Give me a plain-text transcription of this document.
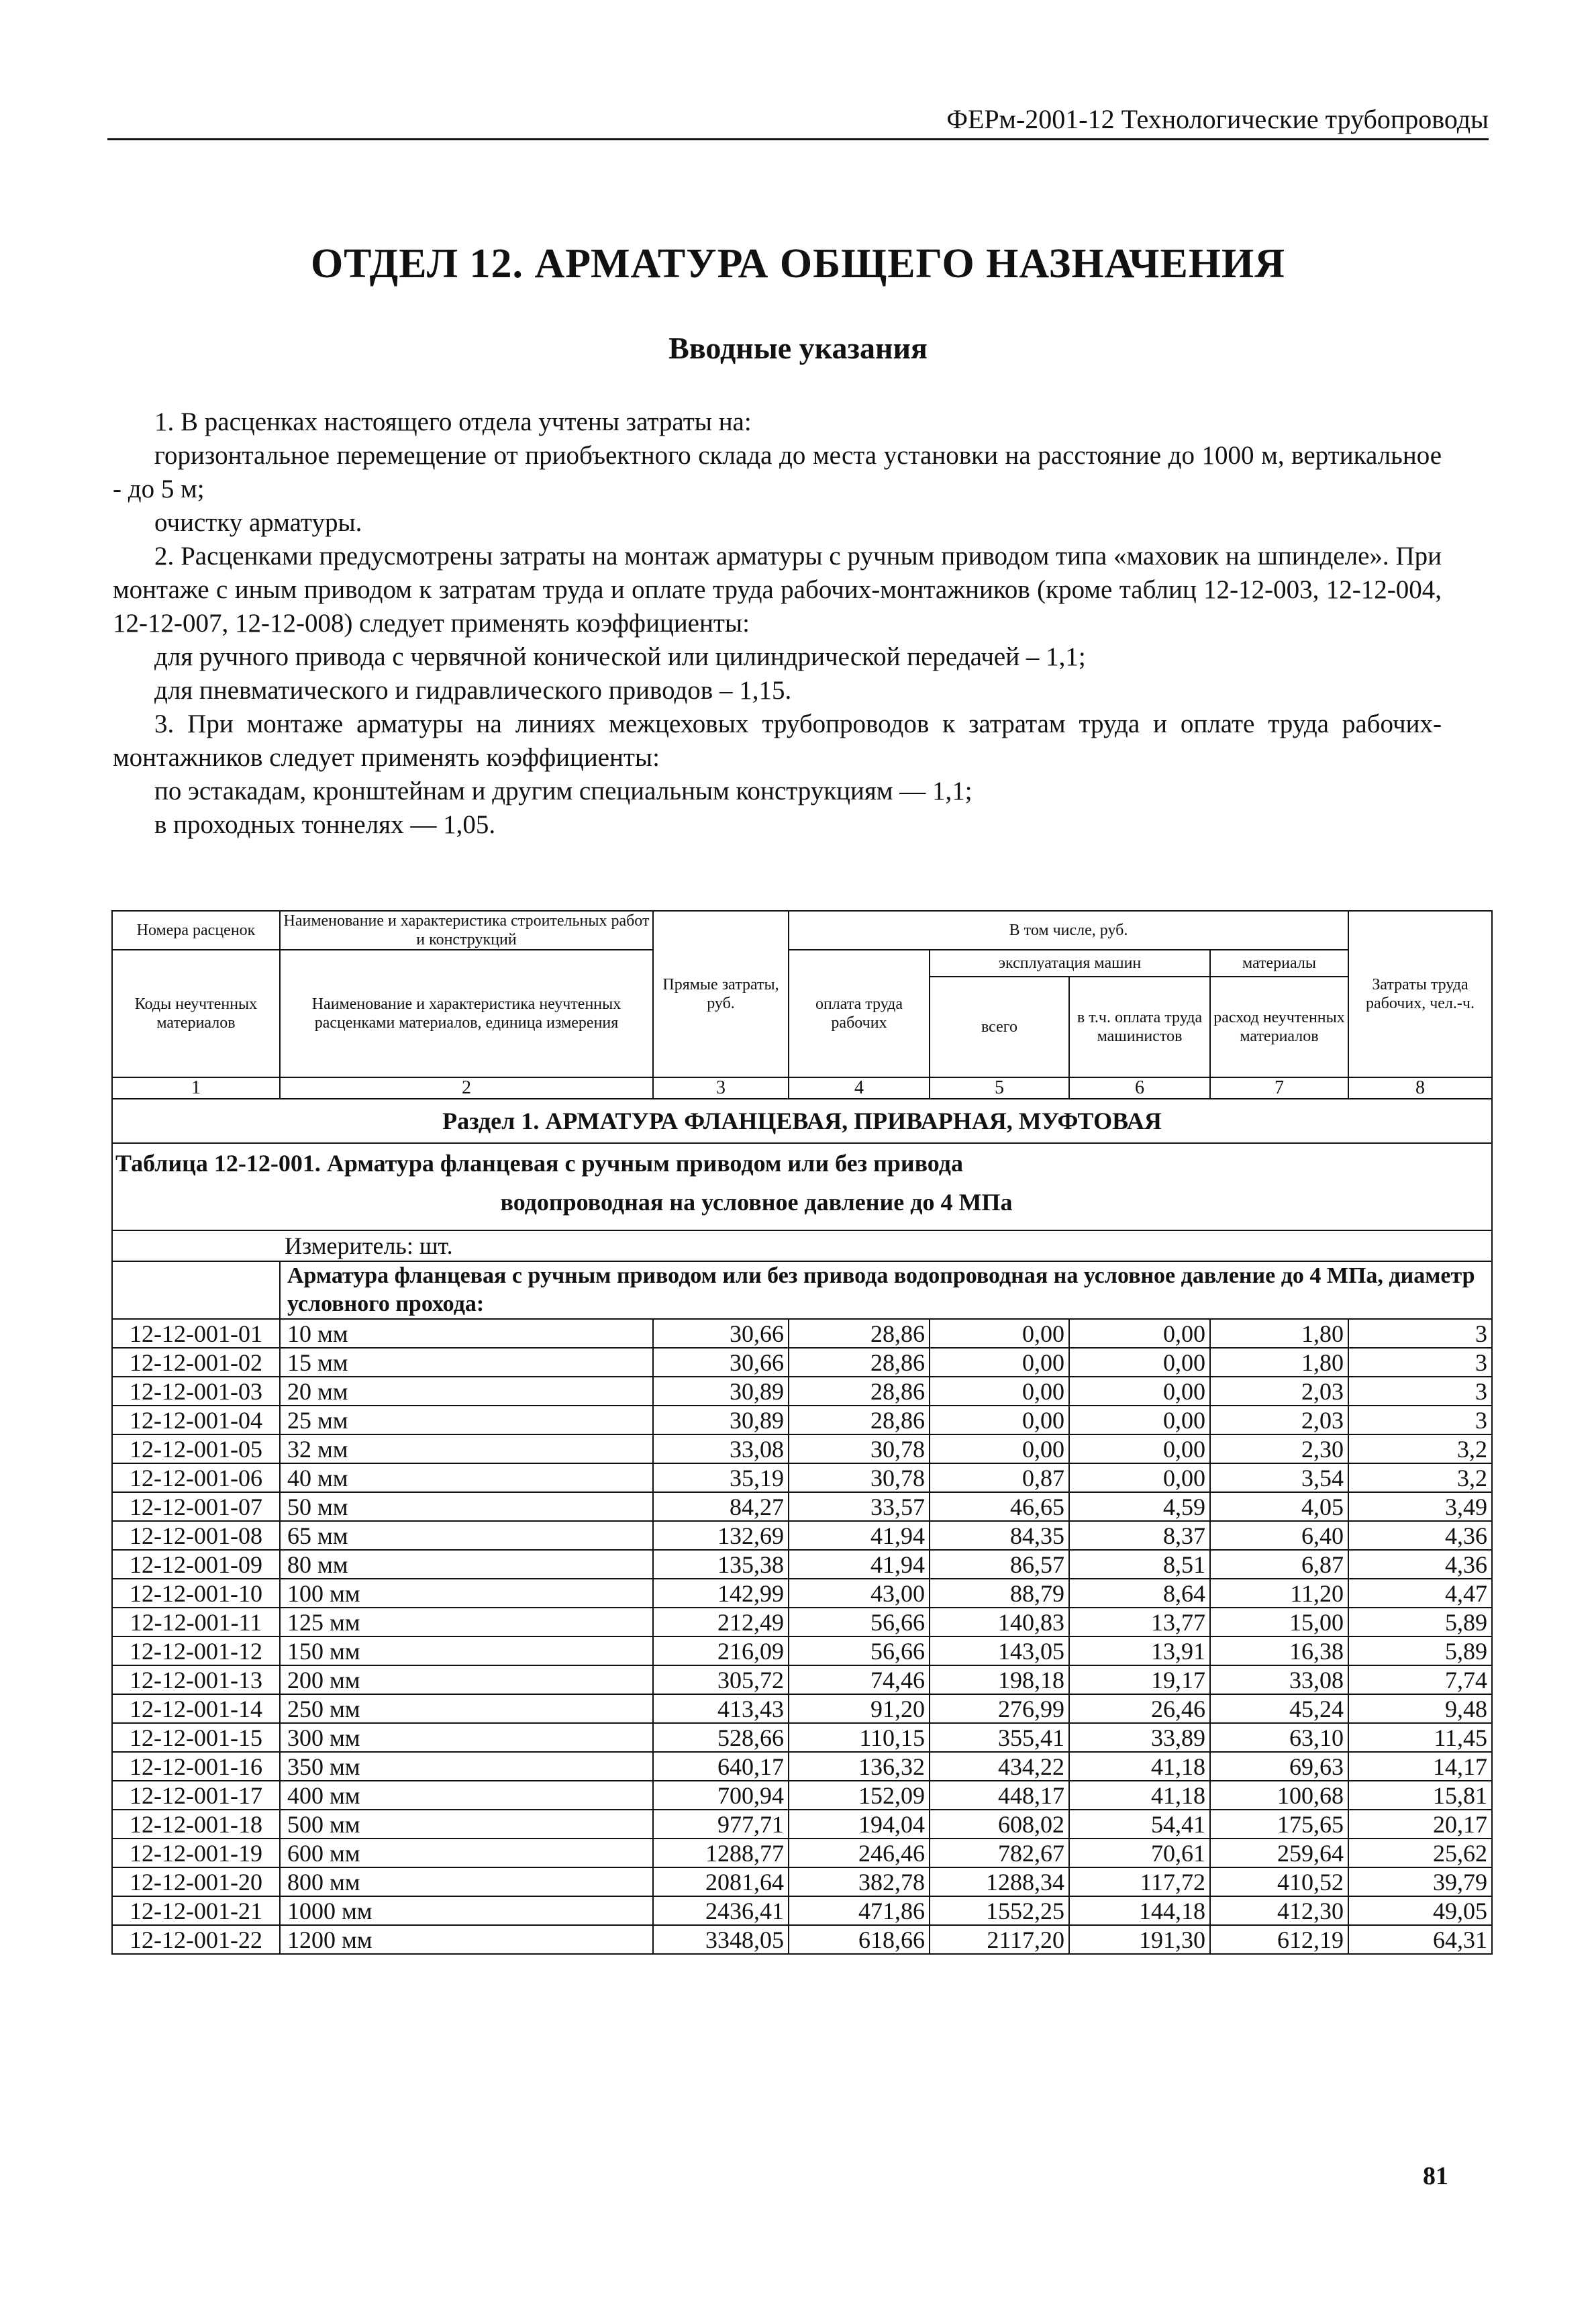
ФЕРм-2001-12 Технологические трубопроводы
ОТДЕЛ 12. АРМАТУРА ОБЩЕГО НАЗНАЧЕНИЯ
Вводные указания

1. В расценках настоящего отдела учтены затраты на:

горизонтальное перемещение от приобъектного склада до места установки на расстояние до 1000 м, вертикальное - до 5 м;

очистку арматуры.

2. Расценками предусмотрены затраты на монтаж арматуры с ручным приводом типа «маховик на шпинделе». При монтаже с иным приводом к затратам труда и оплате труда рабочих-монтажников (кроме таблиц 12-12-003, 12-12-004, 12-12-007, 12-12-008) следует применять коэффициенты:

для ручного привода с червячной конической или цилиндрической передачей – 1,1;

для пневматического и гидравлического приводов – 1,15.

3. При монтаже арматуры на линиях межцеховых трубопроводов к затратам труда и оплате труда рабочих-монтажников следует применять коэффициенты:

по эстакадам, кронштейнам и другим специальным конструкциям — 1,1;

в проходных тоннелях — 1,05.

Номера расценок	Наименование и характеристика строительных работ и конструкций	Прямые затраты, руб.	В том числе, руб.				Затраты труда рабочих, чел.-ч.
Коды неучтенных материалов	Наименование и характеристика неучтенных расценками материалов, единица измерения		оплата труда рабочих	эксплуатация машин		материалы	
				всего	в т.ч. оплата труда машинистов	расход неучтенных материалов	
1	2	3	4	5	6	7	8
Раздел 1. АРМАТУРА ФЛАНЦЕВАЯ, ПРИВАРНАЯ, МУФТОВАЯ							
Таблица 12-12-001. Арматура фланцевая с ручным приводом или без привода
водопроводная на условное давление до 4 МПа							

Измеритель: шт.							
	Арматура фланцевая с ручным приводом или без привода водопроводная на условное давление до 4 МПа, диаметр условного прохода:						
12-12-001-01	10 мм	30,66	28,86	0,00	0,00	1,80	3
12-12-001-02	15 мм	30,66	28,86	0,00	0,00	1,80	3
12-12-001-03	20 мм	30,89	28,86	0,00	0,00	2,03	3
12-12-001-04	25 мм	30,89	28,86	0,00	0,00	2,03	3
12-12-001-05	32 мм	33,08	30,78	0,00	0,00	2,30	3,2
12-12-001-06	40 мм	35,19	30,78	0,87	0,00	3,54	3,2
12-12-001-07	50 мм	84,27	33,57	46,65	4,59	4,05	3,49
12-12-001-08	65 мм	132,69	41,94	84,35	8,37	6,40	4,36
12-12-001-09	80 мм	135,38	41,94	86,57	8,51	6,87	4,36
12-12-001-10	100 мм	142,99	43,00	88,79	8,64	11,20	4,47
12-12-001-11	125 мм	212,49	56,66	140,83	13,77	15,00	5,89
12-12-001-12	150 мм	216,09	56,66	143,05	13,91	16,38	5,89
12-12-001-13	200 мм	305,72	74,46	198,18	19,17	33,08	7,74
12-12-001-14	250 мм	413,43	91,20	276,99	26,46	45,24	9,48
12-12-001-15	300 мм	528,66	110,15	355,41	33,89	63,10	11,45
12-12-001-16	350 мм	640,17	136,32	434,22	41,18	69,63	14,17
12-12-001-17	400 мм	700,94	152,09	448,17	41,18	100,68	15,81
12-12-001-18	500 мм	977,71	194,04	608,02	54,41	175,65	20,17
12-12-001-19	600 мм	1288,77	246,46	782,67	70,61	259,64	25,62
12-12-001-20	800 мм	2081,64	382,78	1288,34	117,72	410,52	39,79
12-12-001-21	1000 мм	2436,41	471,86	1552,25	144,18	412,30	49,05
12-12-001-22	1200 мм	3348,05	618,66	2117,20	191,30	612,19	64,31
81
